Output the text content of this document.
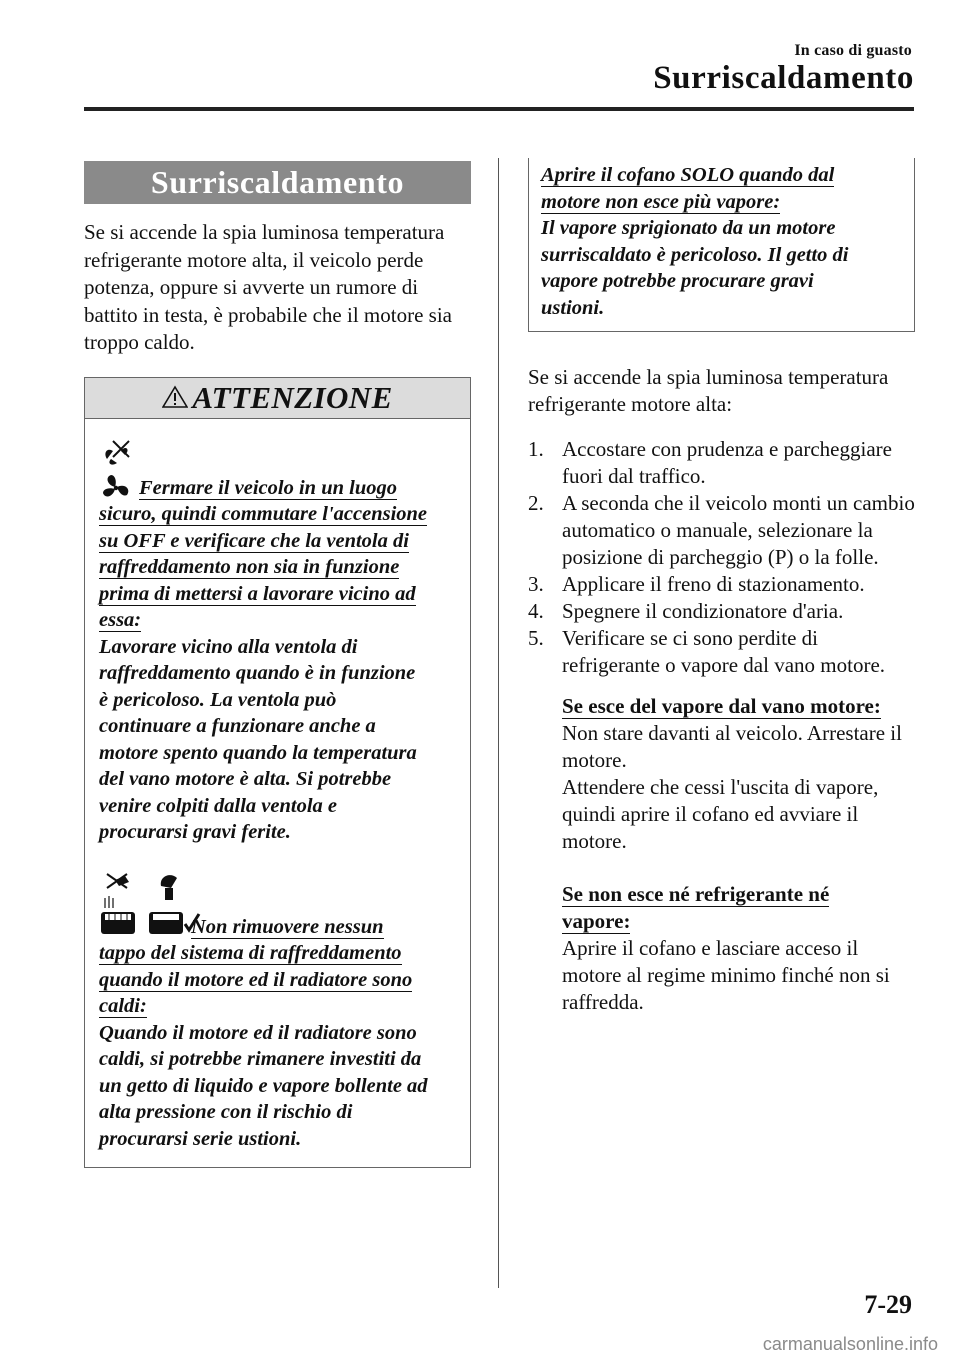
In caso di guasto
Surriscaldamento
Surriscaldamento

Se si accende la spia luminosa temperatura refrigerante motore alta, il veicolo perde potenza, oppure si avverte un rumore di battito in testa, è probabile che il motore sia troppo caldo.

ATTENZIONE
Fermare il veicolo in un luogo
sicuro, quindi commutare l'accensione
su OFF e verificare che la ventola di
raffreddamento non sia in funzione
prima di mettersi a lavorare vicino ad
essa:
Lavorare vicino alla ventola di
raffreddamento quando è in funzione
è pericoloso. La ventola può
continuare a funzionare anche a
motore spento quando la temperatura
del vano motore è alta. Si potrebbe
venire colpiti dalla ventola e
procurarsi gravi ferite.
Non rimuovere nessun
tappo del sistema di raffreddamento
quando il motore ed il radiatore sono
caldi:
Quando il motore ed il radiatore sono
caldi, si potrebbe rimanere investiti da
un getto di liquido e vapore bollente ad
alta pressione con il rischio di
procurarsi serie ustioni.
Aprire il cofano SOLO quando dal
motore non esce più vapore:
Il vapore sprigionato da un motore
surriscaldato è pericoloso. Il getto di
vapore potrebbe procurare gravi
ustioni.

Se si accende la spia luminosa temperatura refrigerante motore alta:

1. Accostare con prudenza e parcheggiare fuori dal traffico.
2. A seconda che il veicolo monti un cambio automatico o manuale, selezionare la posizione di parcheggio (P) o la folle.
3. Applicare il freno di stazionamento.
4. Spegnere il condizionatore d'aria.
5. Verificare se ci sono perdite di refrigerante o vapore dal vano motore.
Se esce del vapore dal vano motore:

Non stare davanti al veicolo. Arrestare il motore.

Attendere che cessi l'uscita di vapore, quindi aprire il cofano ed avviare il motore.

Se non esce né refrigerante né
vapore:

Aprire il cofano e lasciare acceso il motore al regime minimo finché non si raffredda.

7-29
carmanualsonline.info
